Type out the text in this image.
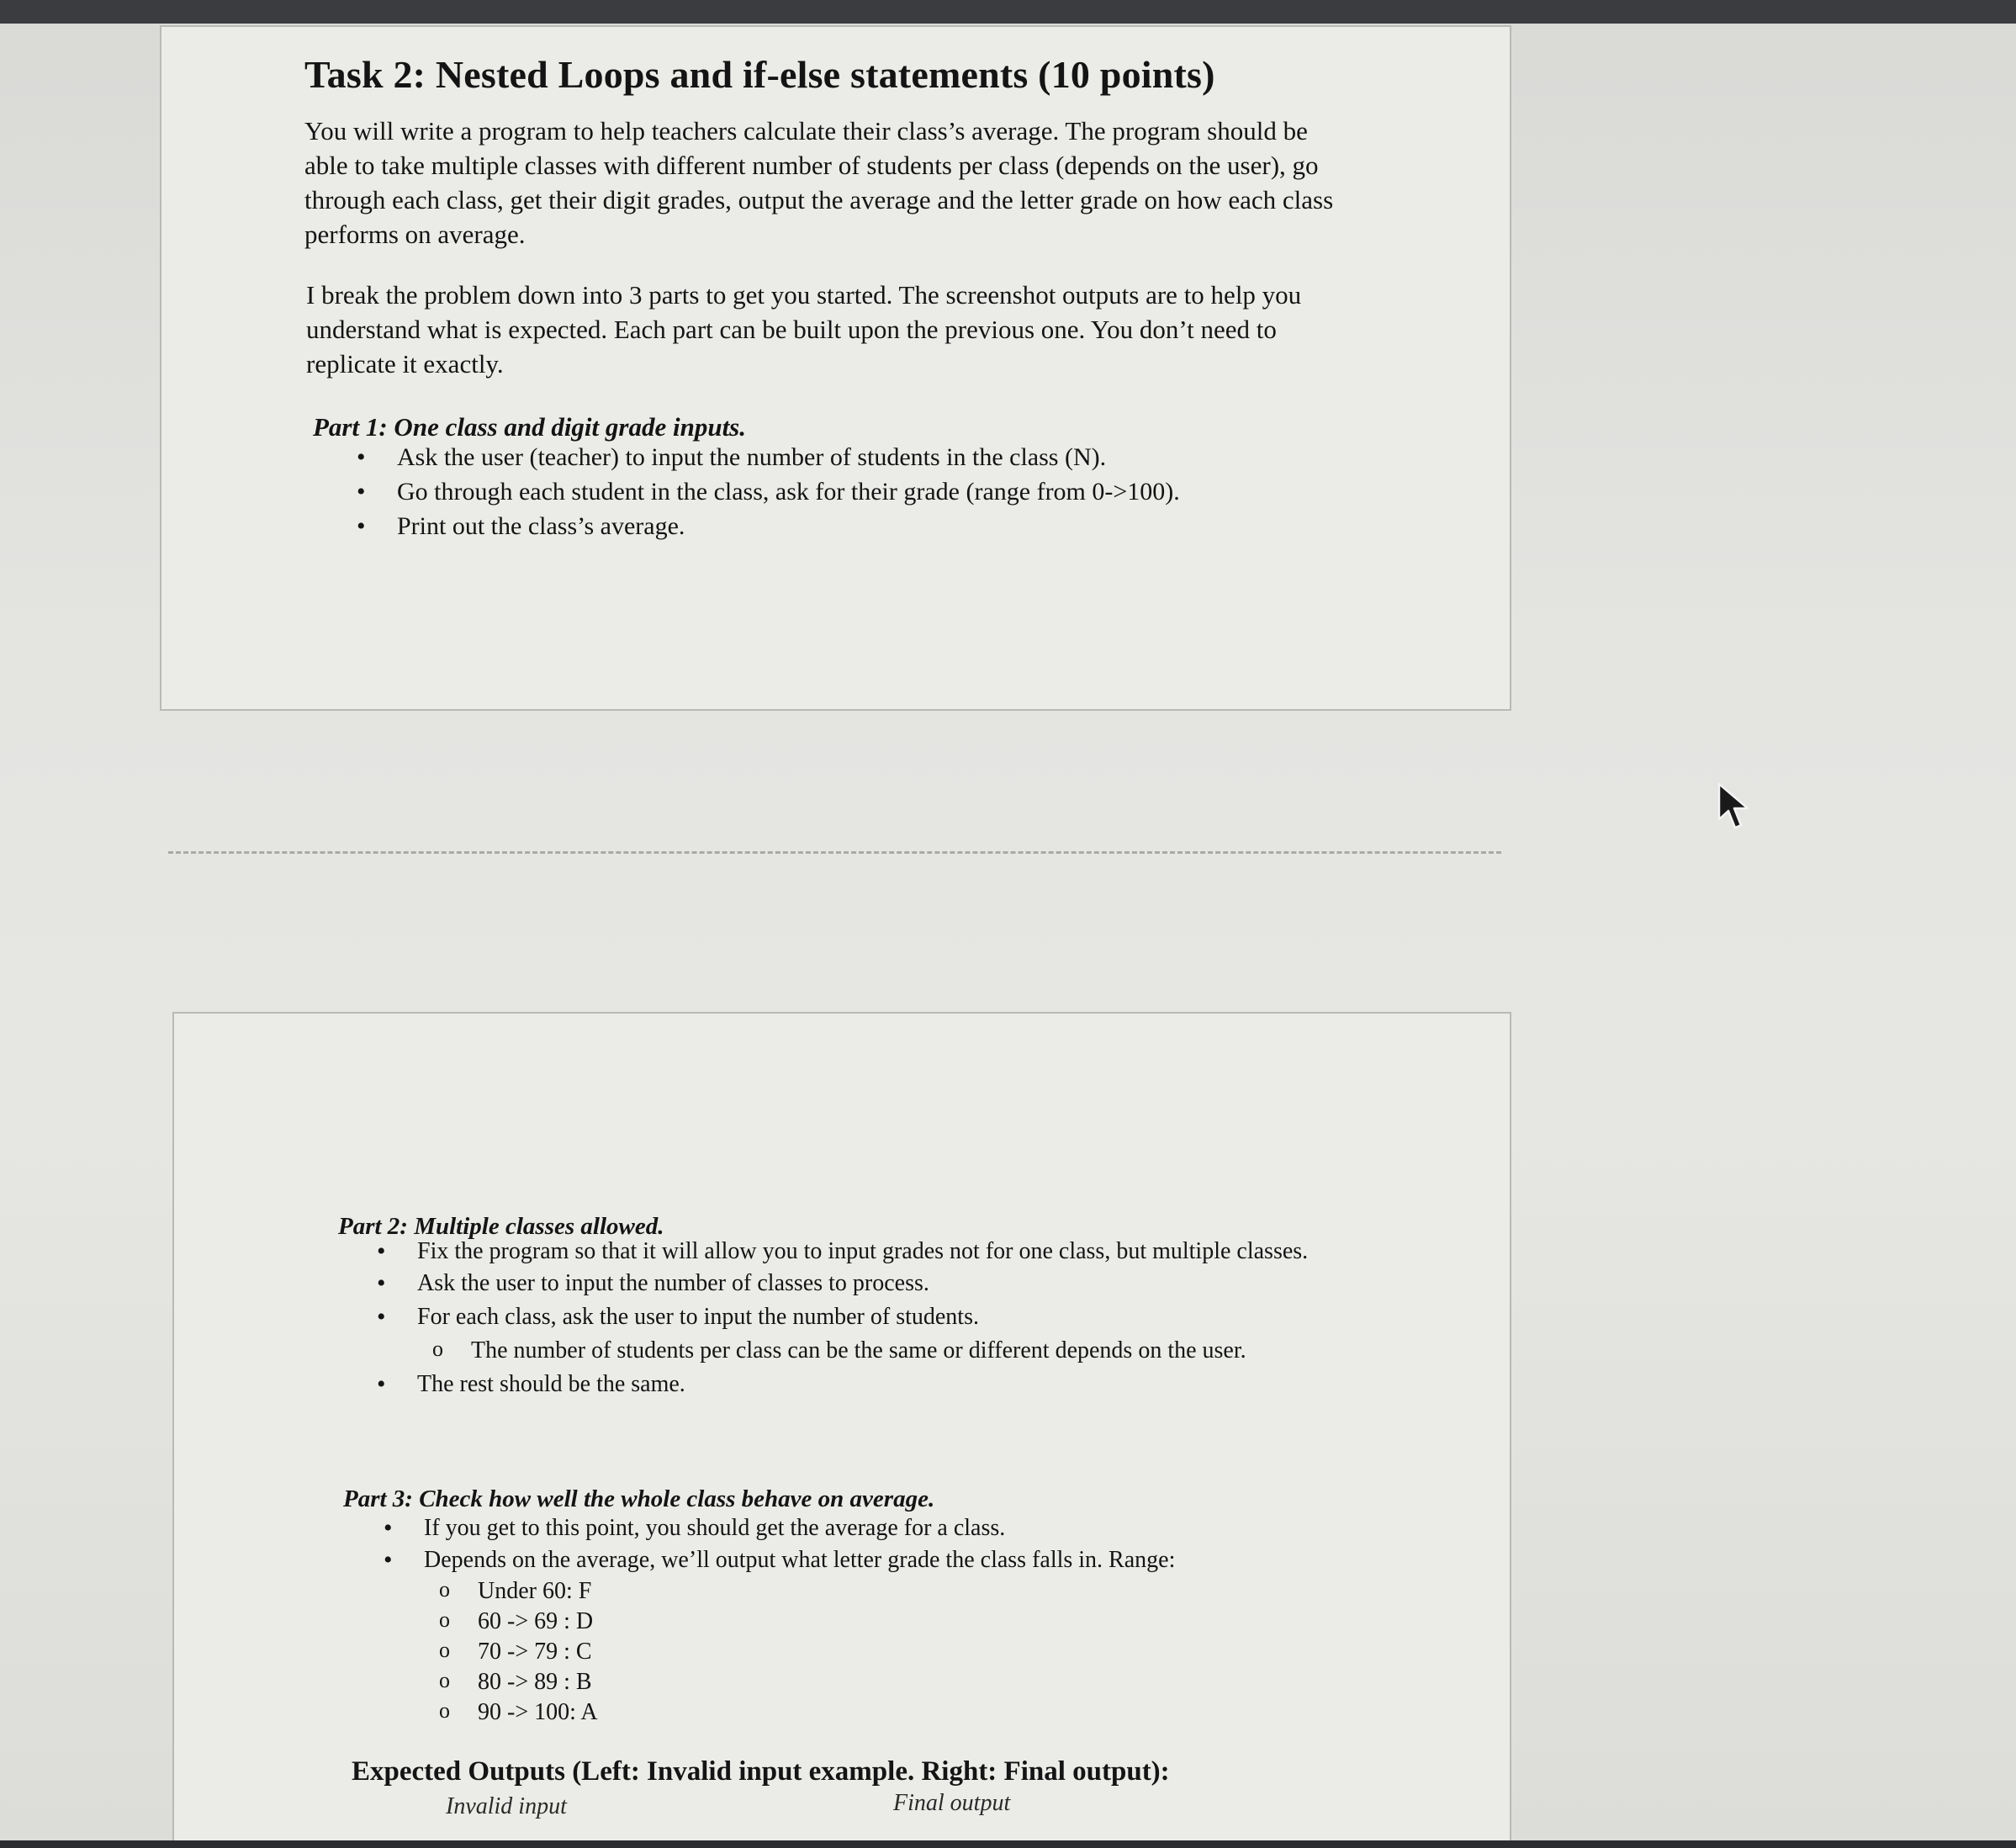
Task 2: Nested Loops and if-else statements (10 points)

You will write a program to help teachers calculate their class’s average. The program should be able to take multiple classes with different number of students per class (depends on the user), go through each class, get their digit grades, output the average and the letter grade on how each class performs on average.

I break the problem down into 3 parts to get you started. The screenshot outputs are to help you understand what is expected. Each part can be built upon the previous one. You don’t need to replicate it exactly.

Part 1: One class and digit grade inputs.
• Ask the user (teacher) to input the number of students in the class (N).
• Go through each student in the class, ask for their grade (range from 0->100).
• Print out the class’s average.
Part 2: Multiple classes allowed.
• Fix the program so that it will allow you to input grades not for one class, but multiple classes.
• Ask the user to input the number of classes to process.
• For each class, ask the user to input the number of students.
o The number of students per class can be the same or different depends on the user.
• The rest should be the same.
Part 3: Check how well the whole class behave on average.
• If you get to this point, you should get the average for a class.
• Depends on the average, we’ll output what letter grade the class falls in. Range:
o Under 60: F
o 60 -> 69 : D
o 70 -> 79 : C
o 80 -> 89 : B
o 90 -> 100: A
Expected Outputs (Left: Invalid input example. Right: Final output):
Invalid input	Final output
